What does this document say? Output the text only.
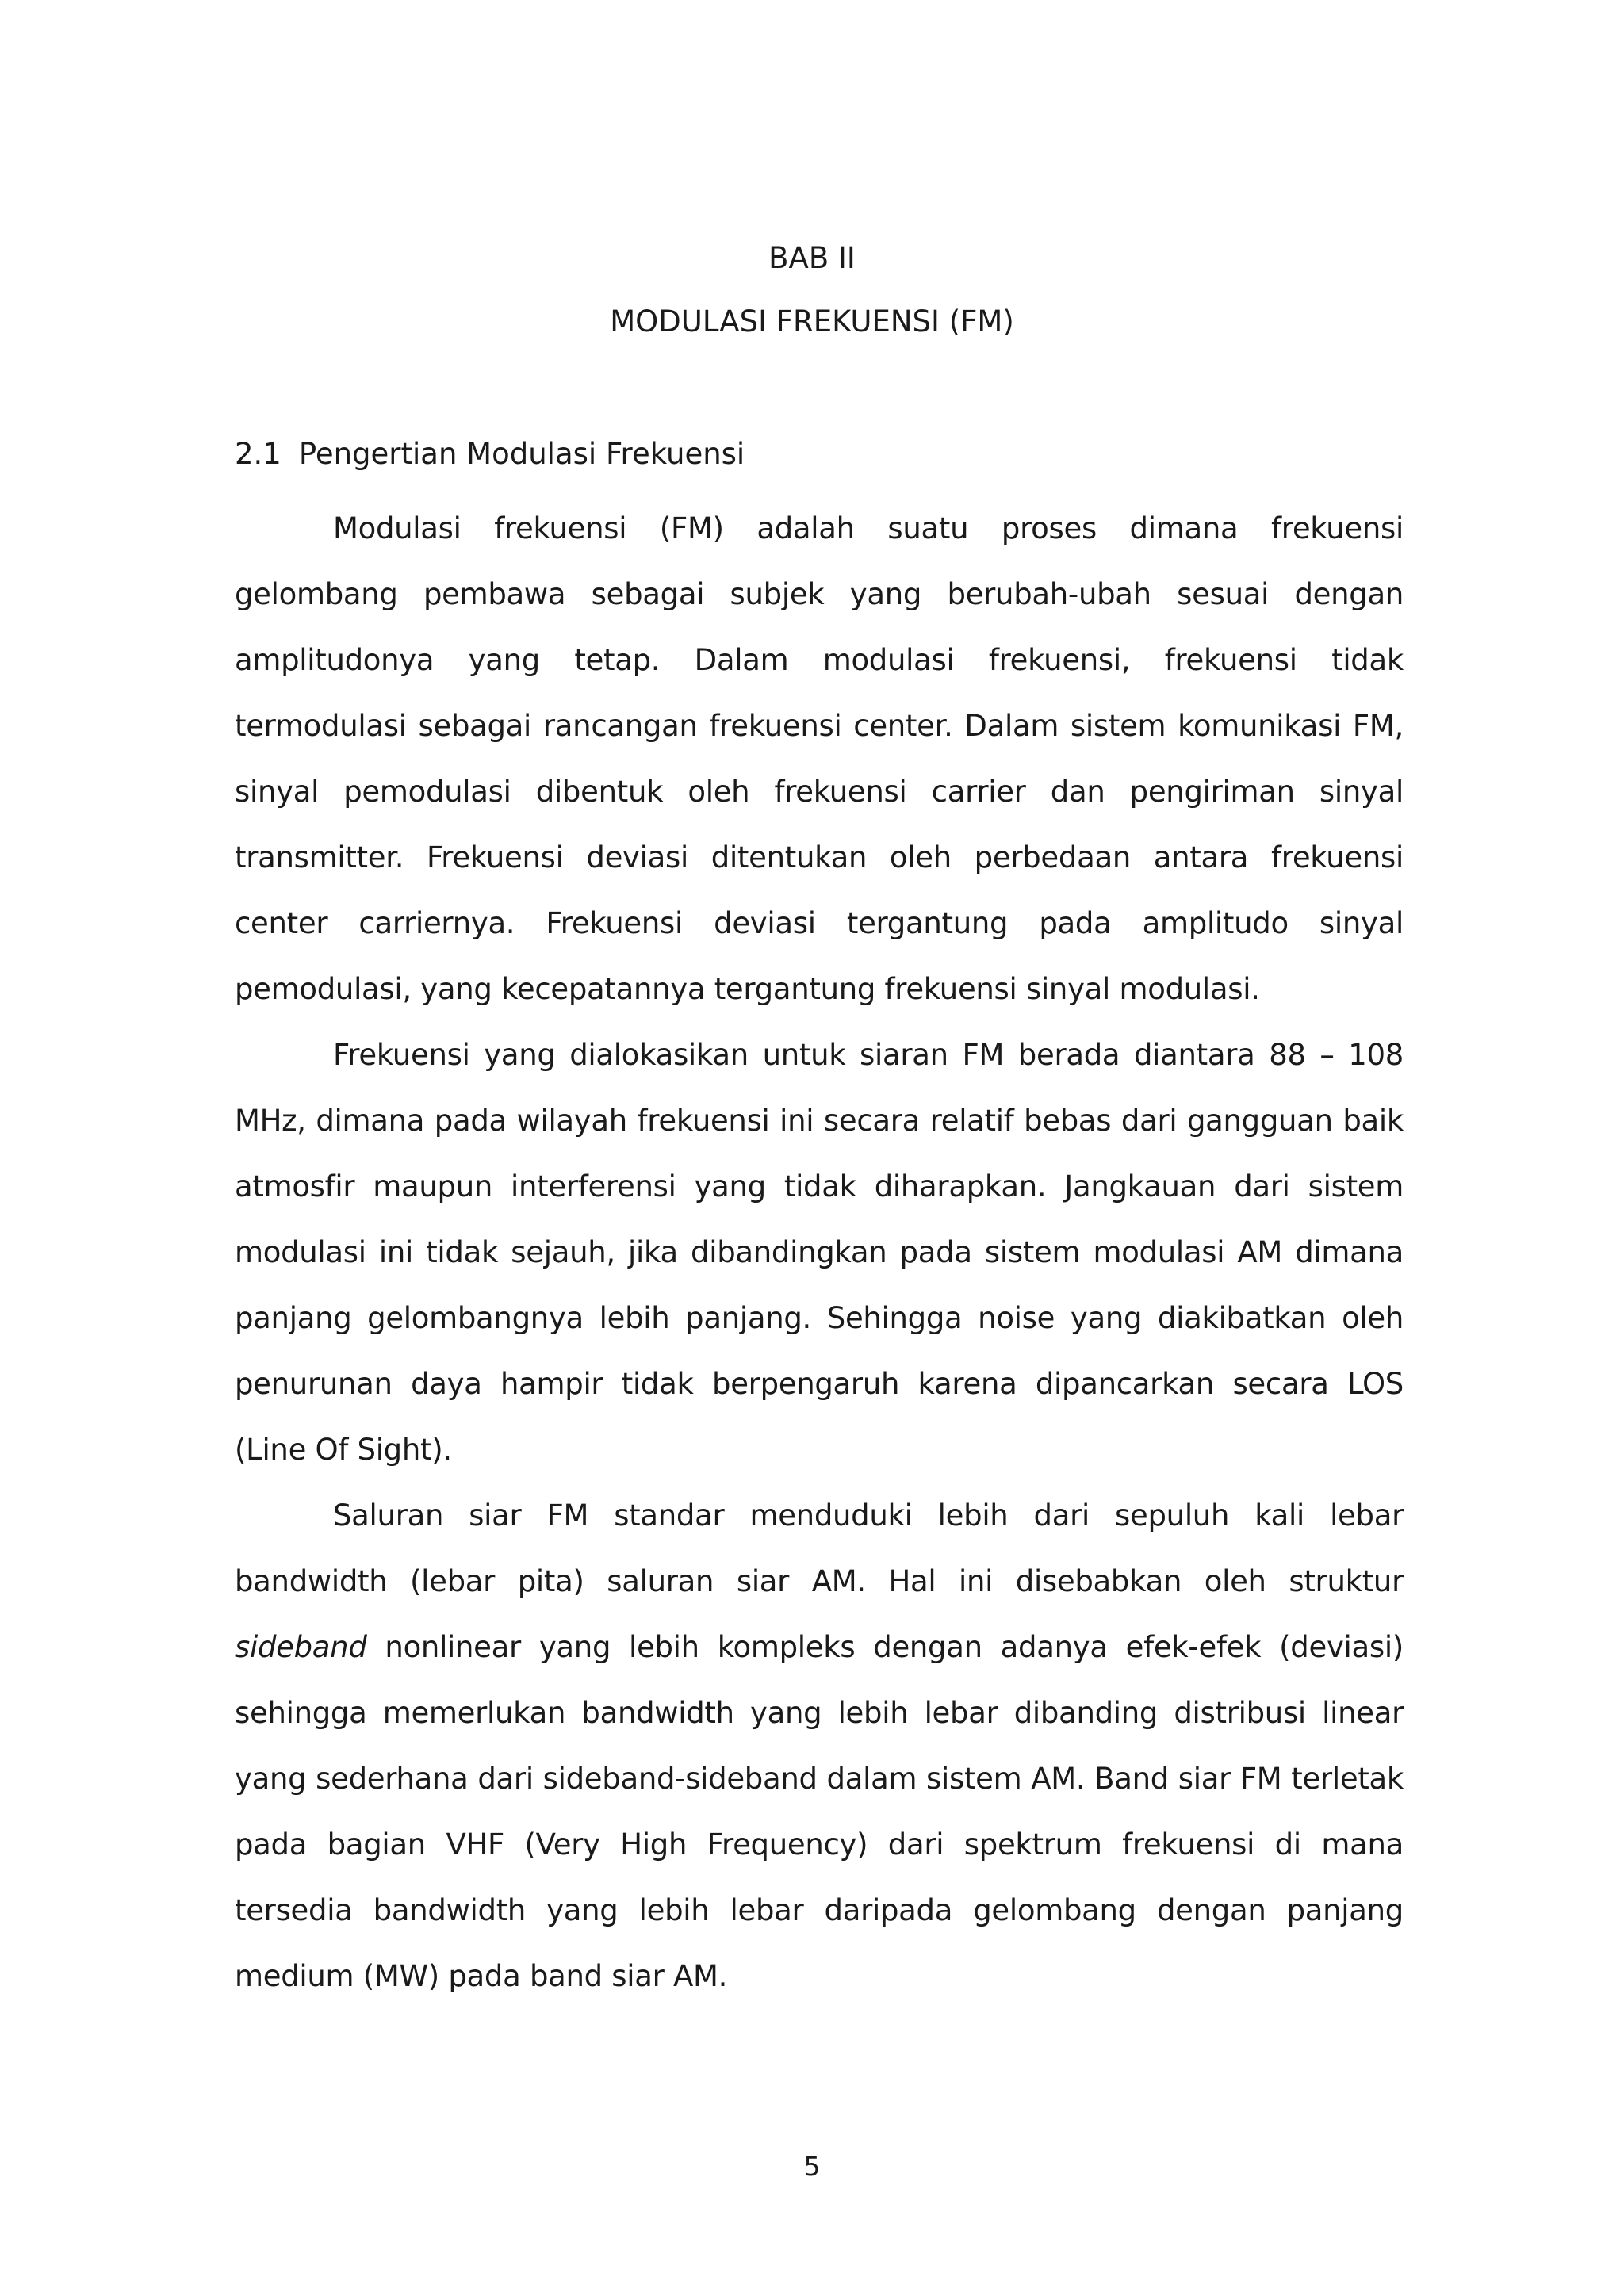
BAB II
MODULASI FREKUENSI (FM)
2.1 Pengertian Modulasi Frekuensi

Modulasi frekuensi (FM) adalah suatu proses dimana frekuensi gelombang pembawa sebagai subjek yang berubah-ubah sesuai dengan amplitudonya yang tetap. Dalam modulasi frekuensi, frekuensi tidak termodulasi sebagai rancangan frekuensi center. Dalam sistem komunikasi FM, sinyal pemodulasi dibentuk oleh frekuensi carrier dan pengiriman sinyal transmitter. Frekuensi deviasi ditentukan oleh perbedaan antara frekuensi center carriernya. Frekuensi deviasi tergantung pada amplitudo sinyal pemodulasi, yang kecepatannya tergantung frekuensi sinyal modulasi.

Frekuensi yang dialokasikan untuk siaran FM berada diantara 88 – 108 MHz, dimana pada wilayah frekuensi ini secara relatif bebas dari gangguan baik atmosfir maupun interferensi yang tidak diharapkan. Jangkauan dari sistem modulasi ini tidak sejauh, jika dibandingkan pada sistem modulasi AM dimana panjang gelombangnya lebih panjang. Sehingga noise yang diakibatkan oleh penurunan daya hampir tidak berpengaruh karena dipancarkan secara LOS (Line Of Sight).

Saluran siar FM standar menduduki lebih dari sepuluh kali lebar bandwidth (lebar pita) saluran siar AM. Hal ini disebabkan oleh struktur sideband nonlinear yang lebih kompleks dengan adanya efek-efek (deviasi) sehingga memerlukan bandwidth yang lebih lebar dibanding distribusi linear yang sederhana dari sideband-sideband dalam sistem AM. Band siar FM terletak pada bagian VHF (Very High Frequency) dari spektrum frekuensi di mana tersedia bandwidth yang lebih lebar daripada gelombang dengan panjang medium (MW) pada band siar AM.

5
